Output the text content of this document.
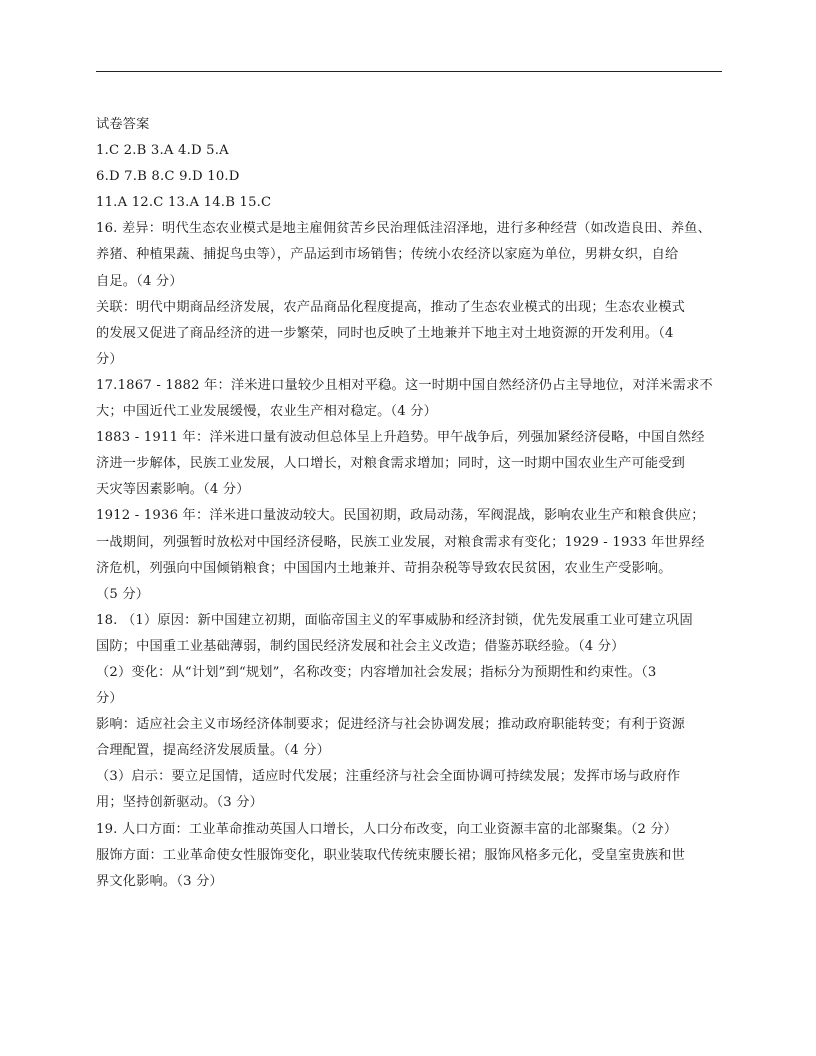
试卷答案
1.C 2.B 3.A 4.D 5.A
6.D 7.B 8.C 9.D 10.D
11.A 12.C 13.A 14.B 15.C
16. 差异：明代生态农业模式是地主雇佣贫苦乡民治理低洼沼泽地，进行多种经营（如改造良田、养鱼、
养猪、种植果蔬、捕捉鸟虫等），产品运到市场销售；传统小农经济以家庭为单位，男耕女织，自给
自足。（4 分）
关联：明代中期商品经济发展，农产品商品化程度提高，推动了生态农业模式的出现；生态农业模式
的发展又促进了商品经济的进一步繁荣，同时也反映了土地兼并下地主对土地资源的开发利用。（4
分）
17.1867 - 1882 年：洋米进口量较少且相对平稳。这一时期中国自然经济仍占主导地位，对洋米需求不
大；中国近代工业发展缓慢，农业生产相对稳定。（4 分）
1883 - 1911 年：洋米进口量有波动但总体呈上升趋势。甲午战争后，列强加紧经济侵略，中国自然经
济进一步解体，民族工业发展，人口增长，对粮食需求增加；同时，这一时期中国农业生产可能受到
天灾等因素影响。（4 分）
1912 - 1936 年：洋米进口量波动较大。民国初期，政局动荡，军阀混战，影响农业生产和粮食供应；
一战期间，列强暂时放松对中国经济侵略，民族工业发展，对粮食需求有变化；1929 - 1933 年世界经
济危机，列强向中国倾销粮食；中国国内土地兼并、苛捐杂税等导致农民贫困，农业生产受影响。
（5 分）
18. （1）原因：新中国建立初期，面临帝国主义的军事威胁和经济封锁，优先发展重工业可建立巩固
国防；中国重工业基础薄弱，制约国民经济发展和社会主义改造；借鉴苏联经验。（4 分）
（2）变化：从“计划”到“规划”，名称改变；内容增加社会发展；指标分为预期性和约束性。（3
分）
影响：适应社会主义市场经济体制要求；促进经济与社会协调发展；推动政府职能转变；有利于资源
合理配置，提高经济发展质量。（4 分）
（3）启示：要立足国情，适应时代发展；注重经济与社会全面协调可持续发展；发挥市场与政府作
用；坚持创新驱动。（3 分）
19. 人口方面：工业革命推动英国人口增长，人口分布改变，向工业资源丰富的北部聚集。（2 分）
服饰方面：工业革命使女性服饰变化，职业装取代传统束腰长裙；服饰风格多元化，受皇室贵族和世
界文化影响。（3 分）
